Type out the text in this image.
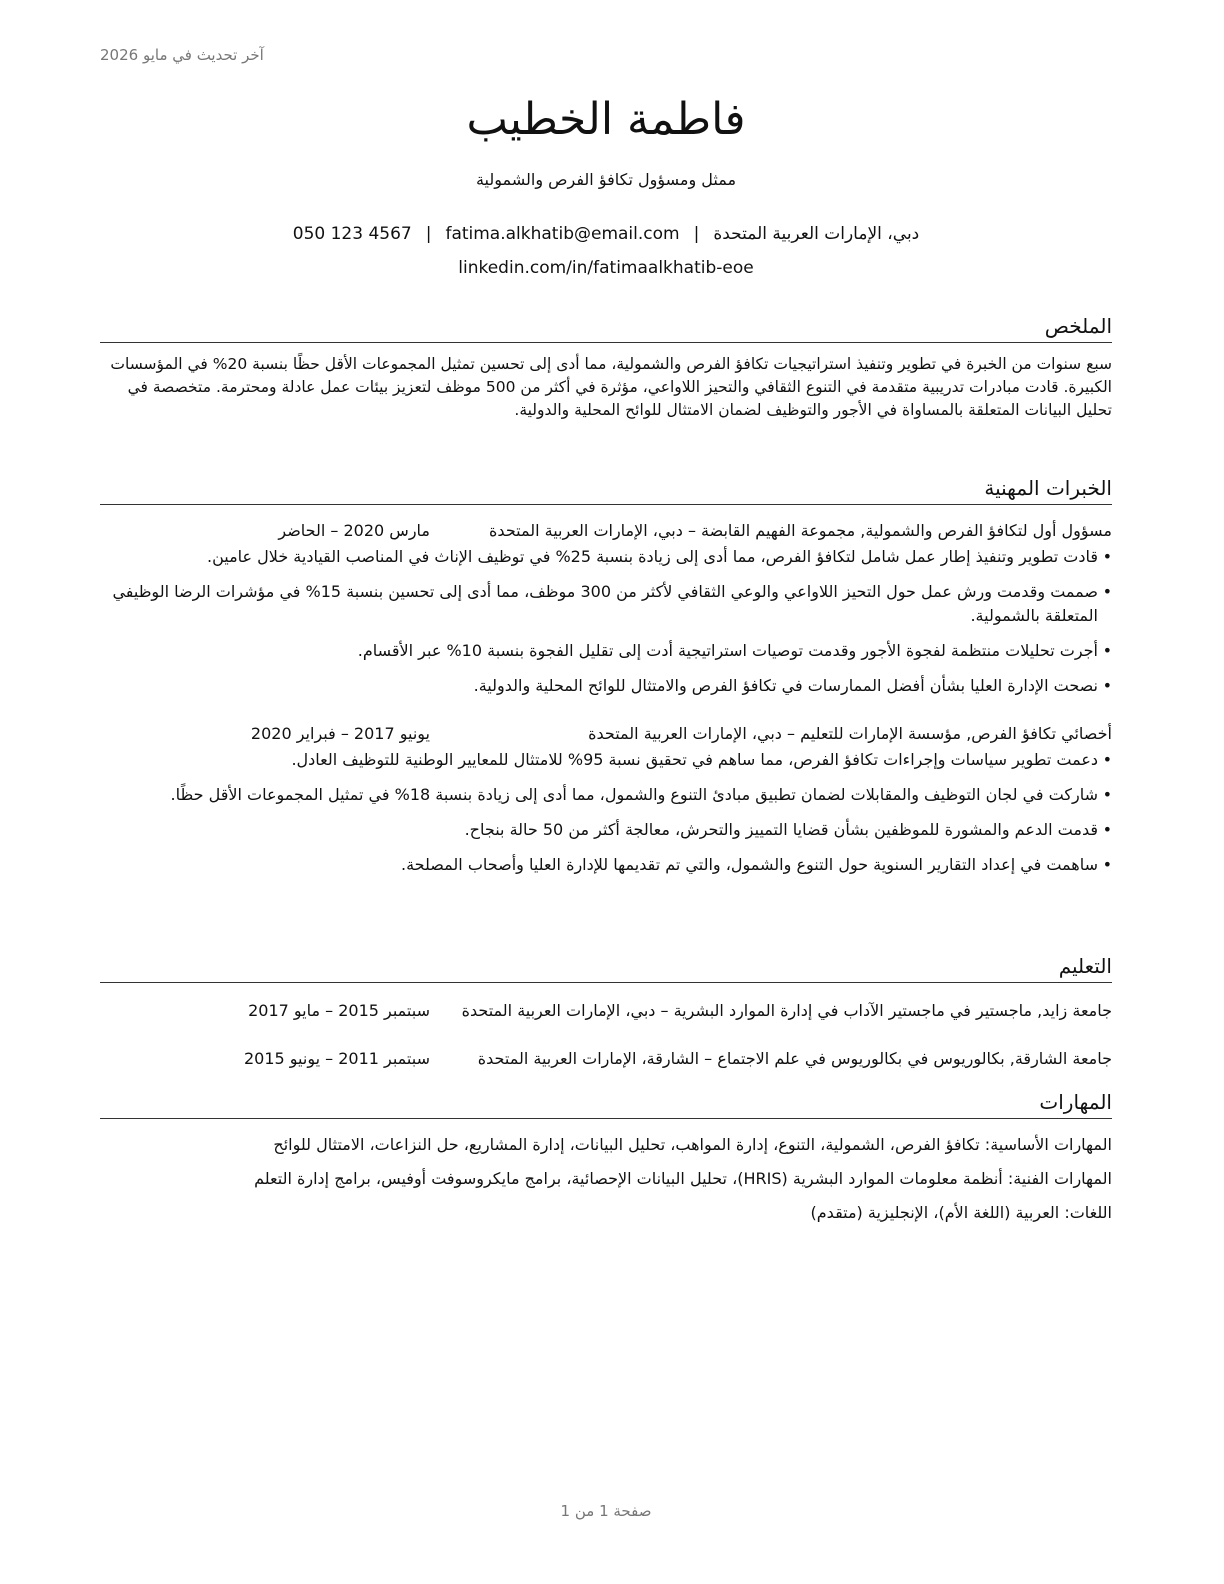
آخر تحديث في مايو 2026
فاطمة الخطيب
ممثل ومسؤول تكافؤ الفرص والشمولية
دبي، الإمارات العربية المتحدة|fatima.alkhatib@email.com|050 123 4567
linkedin.com/in/fatimaalkhatib-eoe
الملخص
سبع سنوات من الخبرة في تطوير وتنفيذ استراتيجيات تكافؤ الفرص والشمولية، مما أدى إلى تحسين تمثيل المجموعات الأقل حظًا بنسبة 20% في المؤسسات الكبيرة. قادت مبادرات تدريبية متقدمة في التنوع الثقافي والتحيز اللاواعي، مؤثرة في أكثر من 500 موظف لتعزيز بيئات عمل عادلة ومحترمة. متخصصة في تحليل البيانات المتعلقة بالمساواة في الأجور والتوظيف لضمان الامتثال للوائح المحلية والدولية.
الخبرات المهنية
مسؤول أول لتكافؤ الفرص والشمولية, مجموعة الفهيم القابضة – دبي، الإمارات العربية المتحدة
مارس 2020 – الحاضر
• قادت تطوير وتنفيذ إطار عمل شامل لتكافؤ الفرص، مما أدى إلى زيادة بنسبة 25% في توظيف الإناث في المناصب القيادية خلال عامين.
• صممت وقدمت ورش عمل حول التحيز اللاواعي والوعي الثقافي لأكثر من 300 موظف، مما أدى إلى تحسين بنسبة 15% في مؤشرات الرضا الوظيفي المتعلقة بالشمولية.
• أجرت تحليلات منتظمة لفجوة الأجور وقدمت توصيات استراتيجية أدت إلى تقليل الفجوة بنسبة 10% عبر الأقسام.
• نصحت الإدارة العليا بشأن أفضل الممارسات في تكافؤ الفرص والامتثال للوائح المحلية والدولية.
أخصائي تكافؤ الفرص, مؤسسة الإمارات للتعليم – دبي، الإمارات العربية المتحدة
يونيو 2017 – فبراير 2020
• دعمت تطوير سياسات وإجراءات تكافؤ الفرص، مما ساهم في تحقيق نسبة 95% للامتثال للمعايير الوطنية للتوظيف العادل.
• شاركت في لجان التوظيف والمقابلات لضمان تطبيق مبادئ التنوع والشمول، مما أدى إلى زيادة بنسبة 18% في تمثيل المجموعات الأقل حظًا.
• قدمت الدعم والمشورة للموظفين بشأن قضايا التمييز والتحرش، معالجة أكثر من 50 حالة بنجاح.
• ساهمت في إعداد التقارير السنوية حول التنوع والشمول، والتي تم تقديمها للإدارة العليا وأصحاب المصلحة.
التعليم
جامعة زايد, ماجستير في ماجستير الآداب في إدارة الموارد البشرية – دبي، الإمارات العربية المتحدة
سبتمبر 2015 – مايو 2017
جامعة الشارقة, بكالوريوس في بكالوريوس في علم الاجتماع – الشارقة، الإمارات العربية المتحدة
سبتمبر 2011 – يونيو 2015
المهارات
المهارات الأساسية: تكافؤ الفرص، الشمولية، التنوع، إدارة المواهب، تحليل البيانات، إدارة المشاريع، حل النزاعات، الامتثال للوائح
المهارات الفنية: أنظمة معلومات الموارد البشرية (HRIS)، تحليل البيانات الإحصائية، برامج مايكروسوفت أوفيس، برامج إدارة التعلم
اللغات: العربية (اللغة الأم)، الإنجليزية (متقدم)
صفحة 1 من 1
